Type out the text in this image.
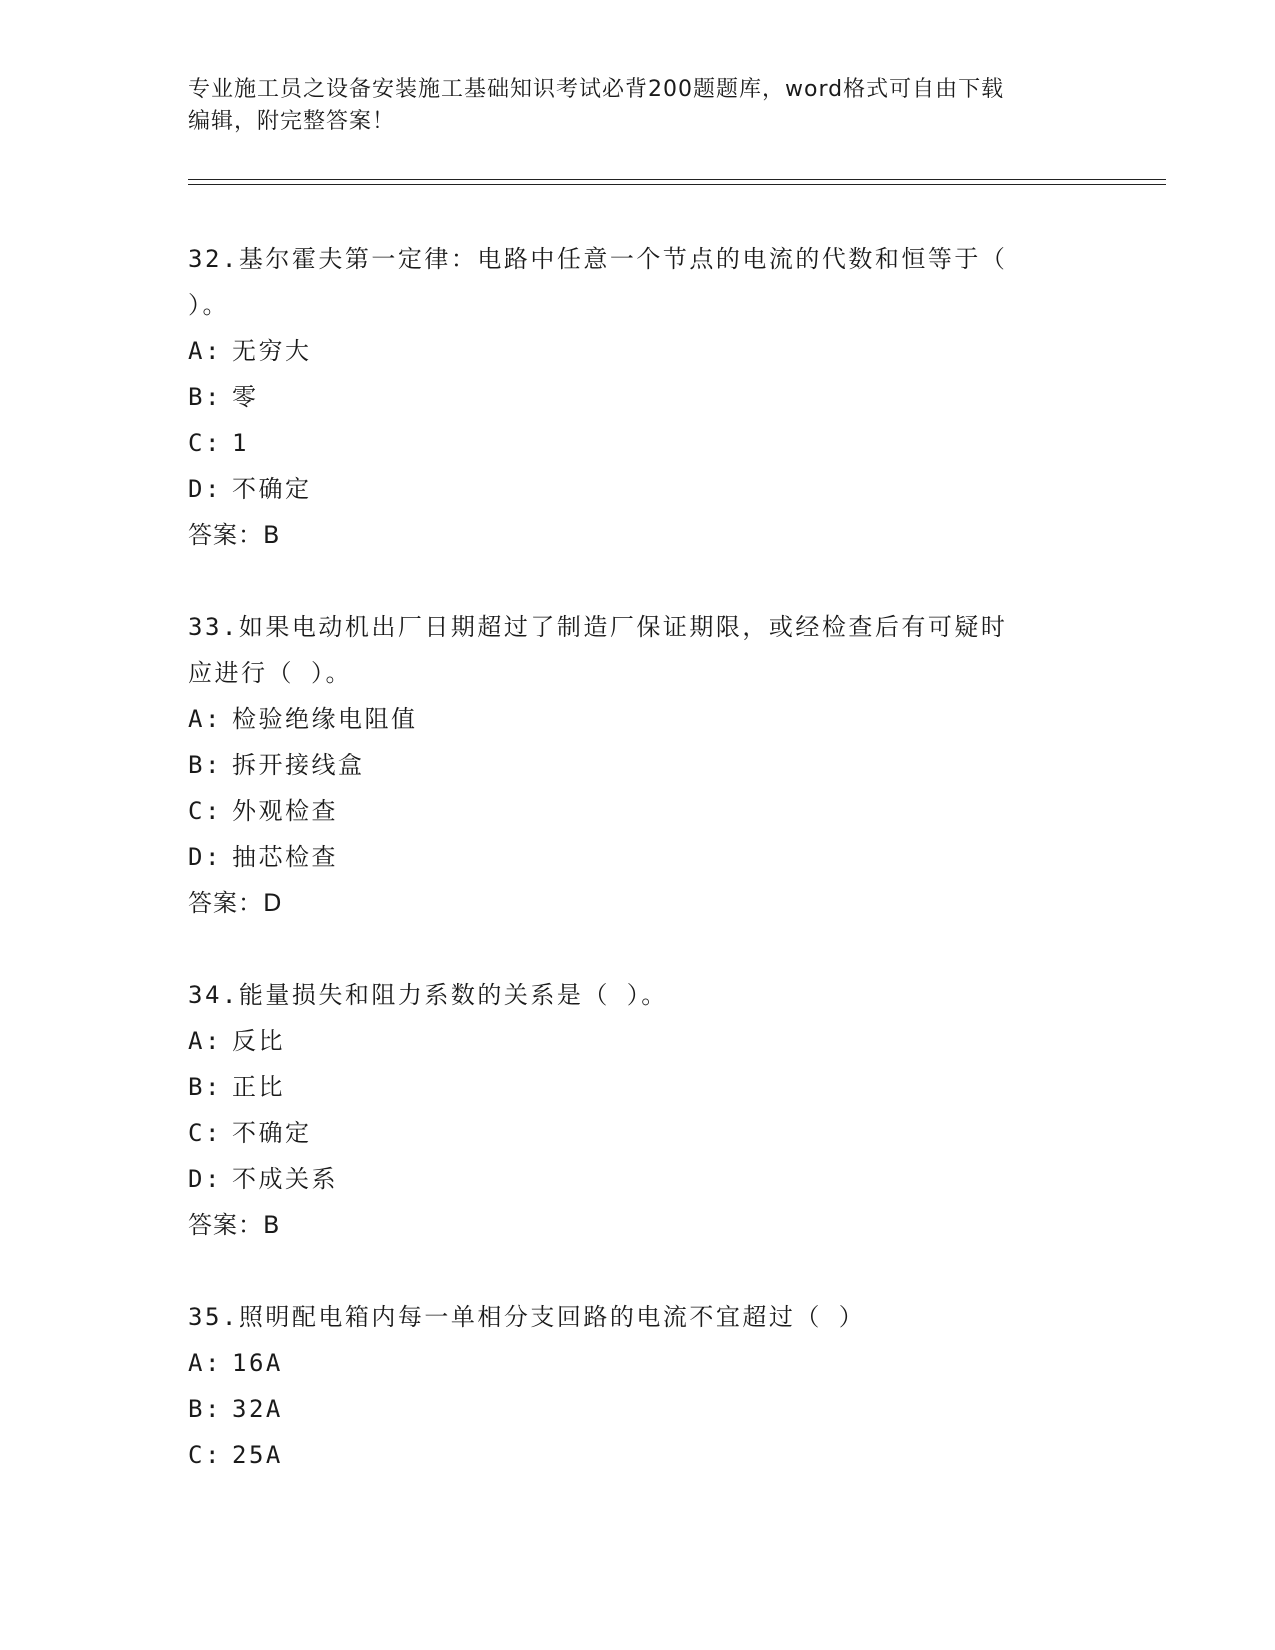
专业施工员之设备安装施工基础知识考试必背200题题库，word格式可自由下载

编辑，附完整答案！

32.基尔霍夫第一定律：电路中任意一个节点的电流的代数和恒等于（

）。

A: 无穷大

B: 零

C: 1

D: 不确定

答案：B

33.如果电动机出厂日期超过了制造厂保证期限，或经检查后有可疑时

应进行（ ）。

A: 检验绝缘电阻值

B: 拆开接线盒

C: 外观检查

D: 抽芯检查

答案：D

34.能量损失和阻力系数的关系是（ ）。

A: 反比

B: 正比

C: 不确定

D: 不成关系

答案：B

35.照明配电箱内每一单相分支回路的电流不宜超过（ ）

A: 16A

B: 32A

C: 25A
